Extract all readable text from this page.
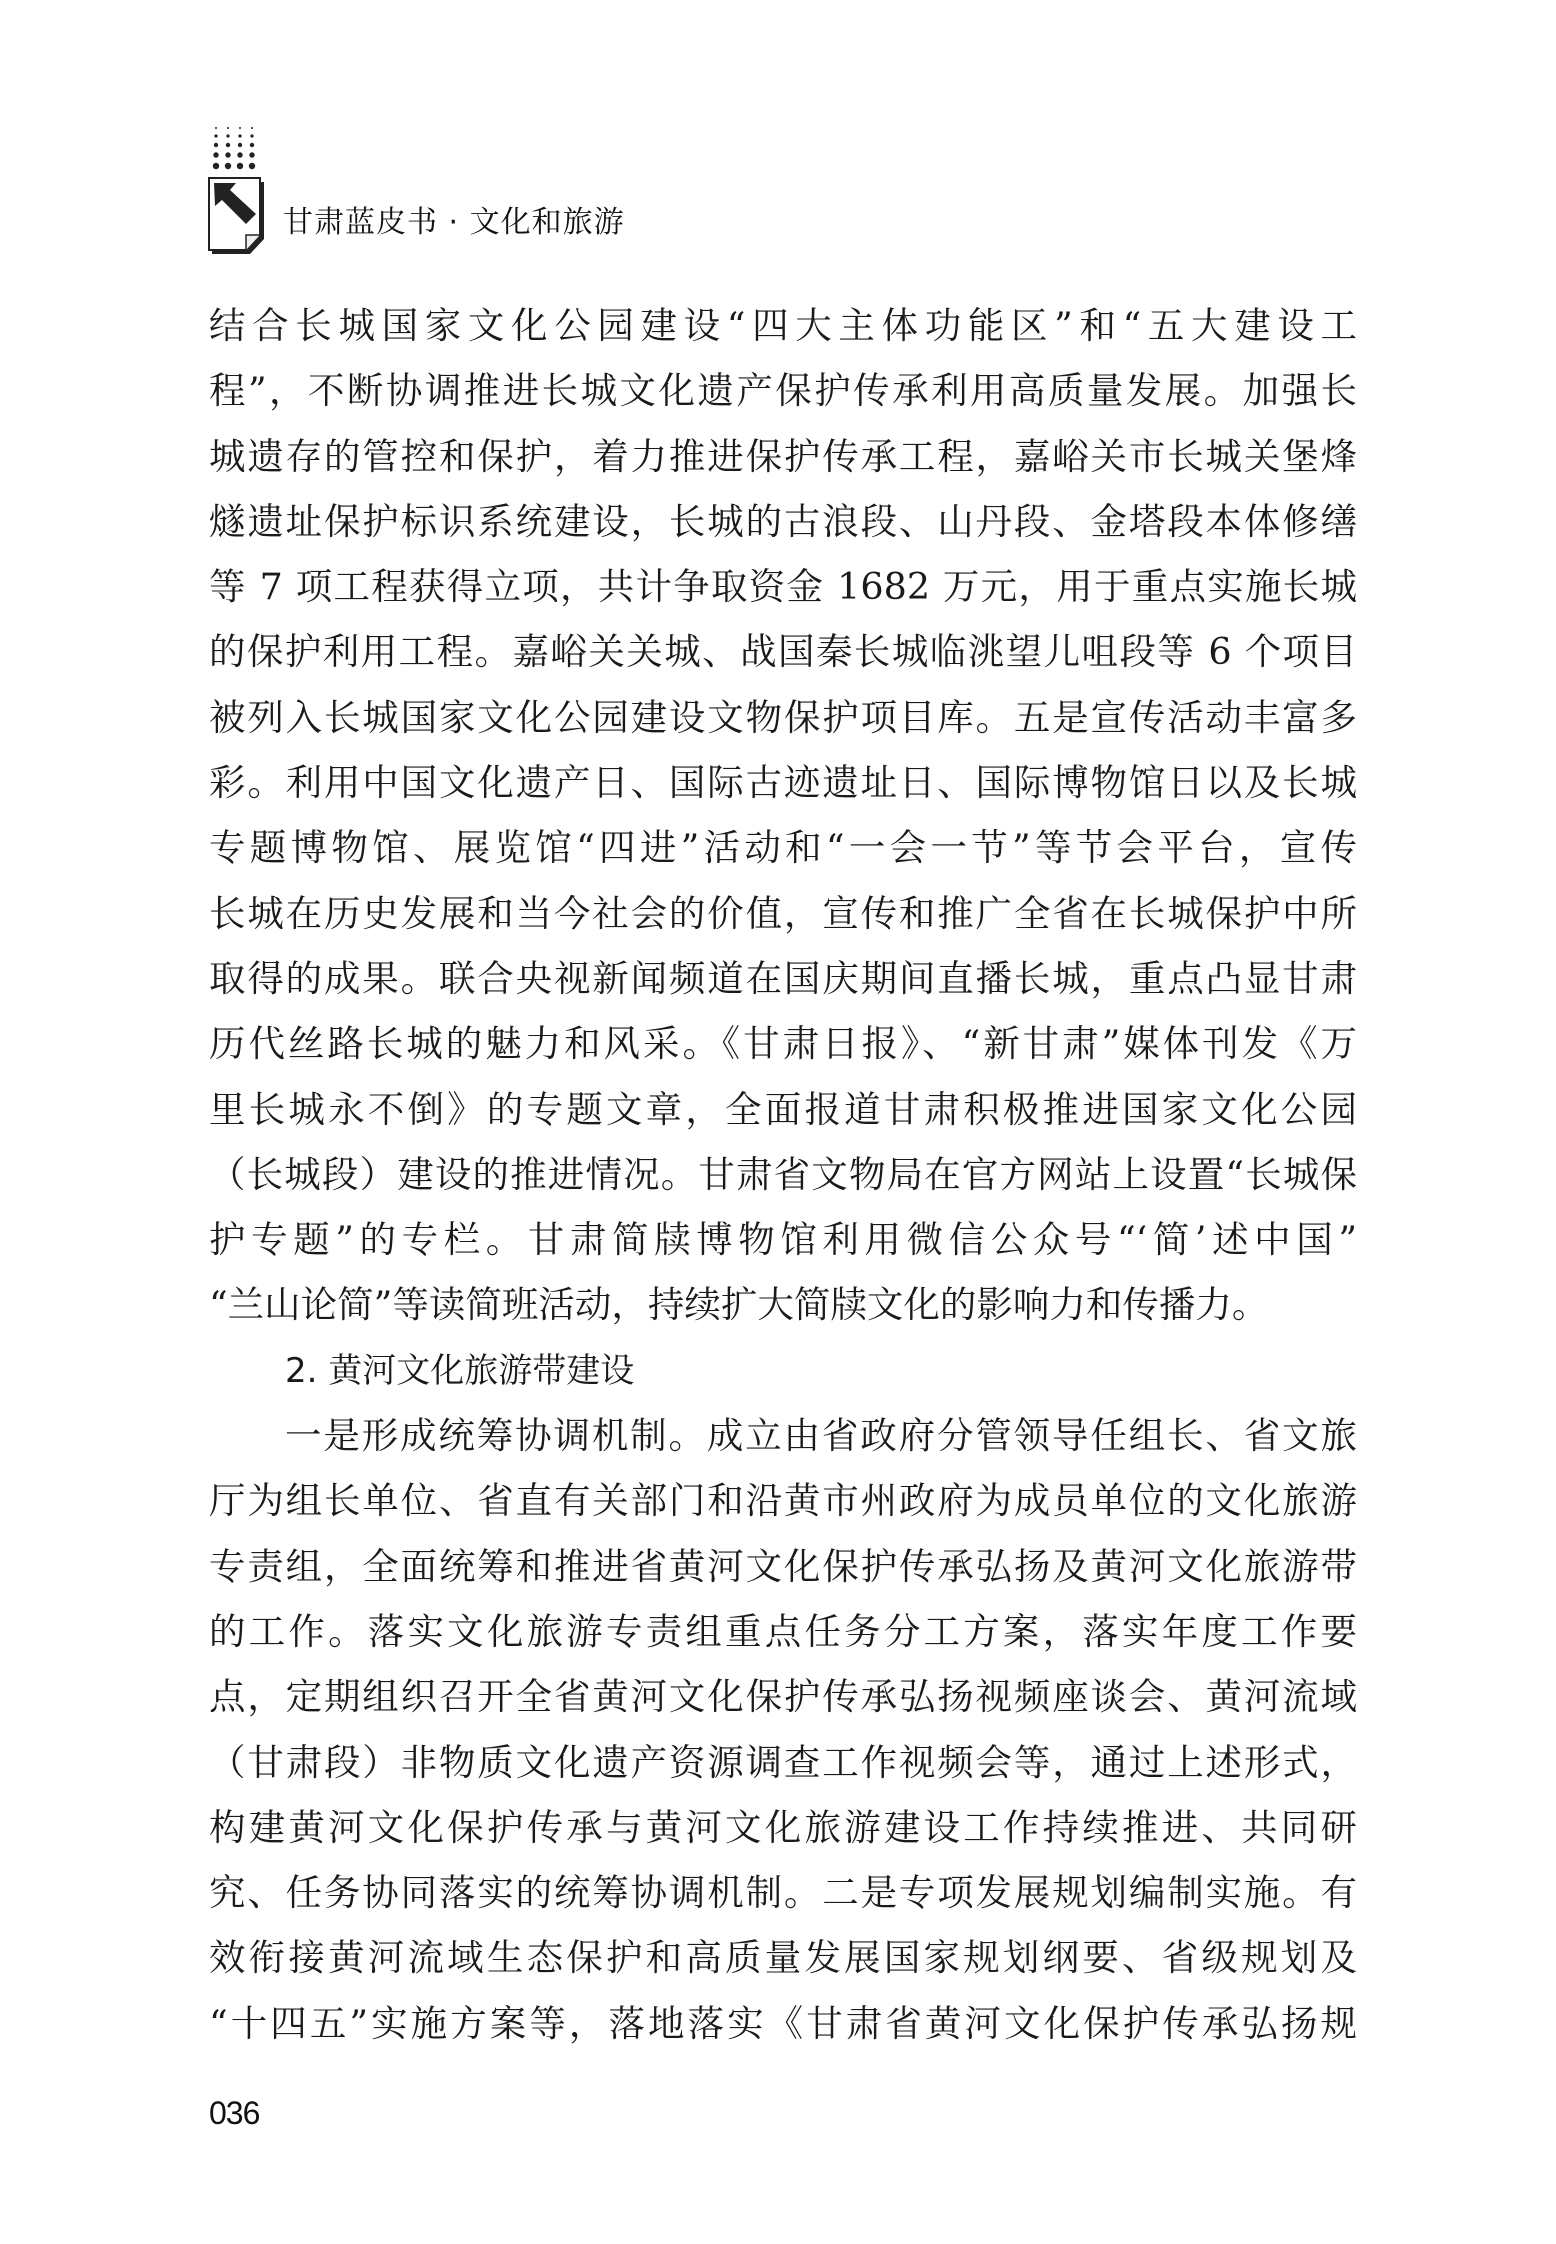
甘肃蓝皮书 · 文化和旅游
结合长城国家文化公园建设“四大主体功能区”和“五大建设工
程”，不断协调推进长城文化遗产保护传承利用高质量发展。加强长
城遗存的管控和保护，着力推进保护传承工程，嘉峪关市长城关堡烽
燧遗址保护标识系统建设，长城的古浪段、山丹段、金塔段本体修缮
等 7 项工程获得立项，共计争取资金 1682 万元，用于重点实施长城
的保护利用工程。嘉峪关关城、战国秦长城临洮望儿咀段等 6 个项目
被列入长城国家文化公园建设文物保护项目库。五是宣传活动丰富多
彩。利用中国文化遗产日、国际古迹遗址日、国际博物馆日以及长城
专题博物馆、展览馆“四进”活动和“一会一节”等节会平台，宣传
长城在历史发展和当今社会的价值，宣传和推广全省在长城保护中所
取得的成果。联合央视新闻频道在国庆期间直播长城，重点凸显甘肃
历代丝路长城的魅力和风采。《甘肃日报》、“新甘肃”媒体刊发《万
里长城永不倒》的专题文章，全面报道甘肃积极推进国家文化公园
（长城段）建设的推进情况。甘肃省文物局在官方网站上设置“长城保
护专题”的专栏。甘肃简牍博物馆利用微信公众号“‘简’述中国”
“兰山论简”等读简班活动，持续扩大简牍文化的影响力和传播力。
2. 黄河文化旅游带建设
一是形成统筹协调机制。成立由省政府分管领导任组长、省文旅
厅为组长单位、省直有关部门和沿黄市州政府为成员单位的文化旅游
专责组，全面统筹和推进省黄河文化保护传承弘扬及黄河文化旅游带
的工作。落实文化旅游专责组重点任务分工方案，落实年度工作要
点，定期组织召开全省黄河文化保护传承弘扬视频座谈会、黄河流域
（甘肃段）非物质文化遗产资源调查工作视频会等，通过上述形式，
构建黄河文化保护传承与黄河文化旅游建设工作持续推进、共同研
究、任务协同落实的统筹协调机制。二是专项发展规划编制实施。有
效衔接黄河流域生态保护和高质量发展国家规划纲要、省级规划及
“十四五”实施方案等，落地落实《甘肃省黄河文化保护传承弘扬规
036
